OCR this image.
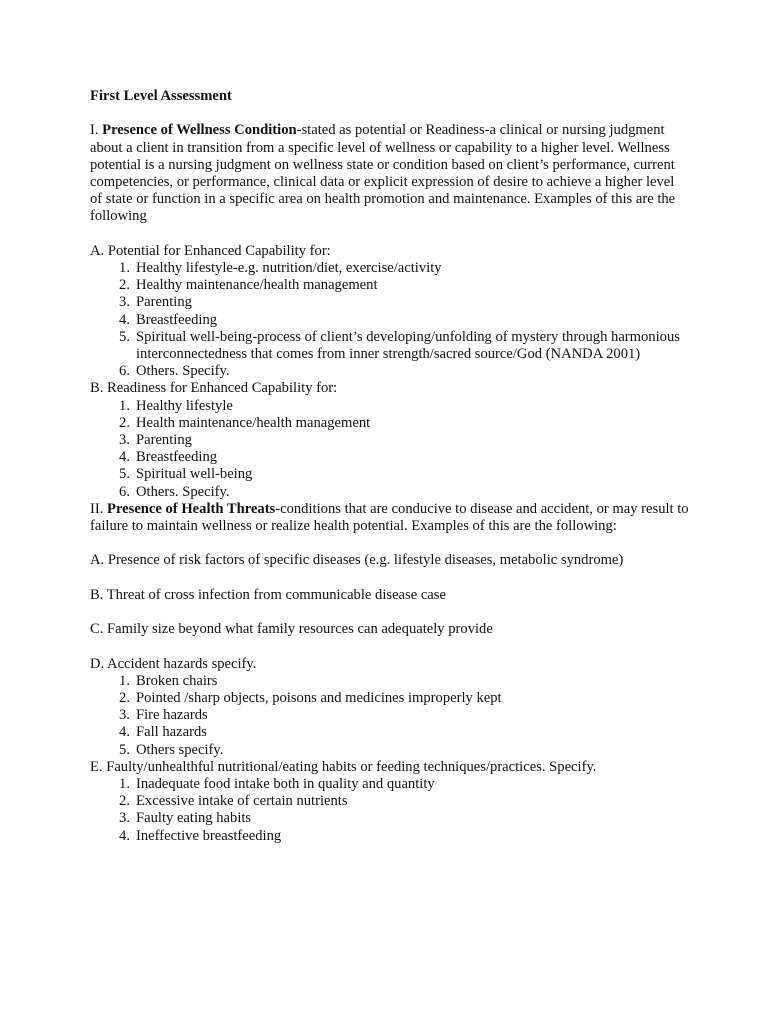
First Level Assessment

I. Presence of Wellness Condition-stated as potential or Readiness-a clinical or nursing judgment about a client in transition from a specific level of wellness or capability to a higher level. Wellness potential is a nursing judgment on wellness state or condition based on client’s performance, current competencies, or performance, clinical data or explicit expression of desire to achieve a higher level of state or function in a specific area on health promotion and maintenance. Examples of this are the following

A. Potential for Enhanced Capability for:

1. Healthy lifestyle-e.g. nutrition/diet, exercise/activity
2. Healthy maintenance/health management
3. Parenting
4. Breastfeeding
5. Spiritual well-being-process of client’s developing/unfolding of mystery through harmonious interconnectedness that comes from inner strength/sacred source/God (NANDA 2001)
6. Others. Specify.

B. Readiness for Enhanced Capability for:

1. Healthy lifestyle
2. Health maintenance/health management
3. Parenting
4. Breastfeeding
5. Spiritual well-being
6. Others. Specify.

II. Presence of Health Threats-conditions that are conducive to disease and accident, or may result to failure to maintain wellness or realize health potential. Examples of this are the following:

A. Presence of risk factors of specific diseases (e.g. lifestyle diseases, metabolic syndrome)

B. Threat of cross infection from communicable disease case

C. Family size beyond what family resources can adequately provide

D. Accident hazards specify.

1. Broken chairs
2. Pointed /sharp objects, poisons and medicines improperly kept
3. Fire hazards
4. Fall hazards
5. Others specify.

E. Faulty/unhealthful nutritional/eating habits or feeding techniques/practices. Specify.

1. Inadequate food intake both in quality and quantity
2. Excessive intake of certain nutrients
3. Faulty eating habits
4. Ineffective breastfeeding
